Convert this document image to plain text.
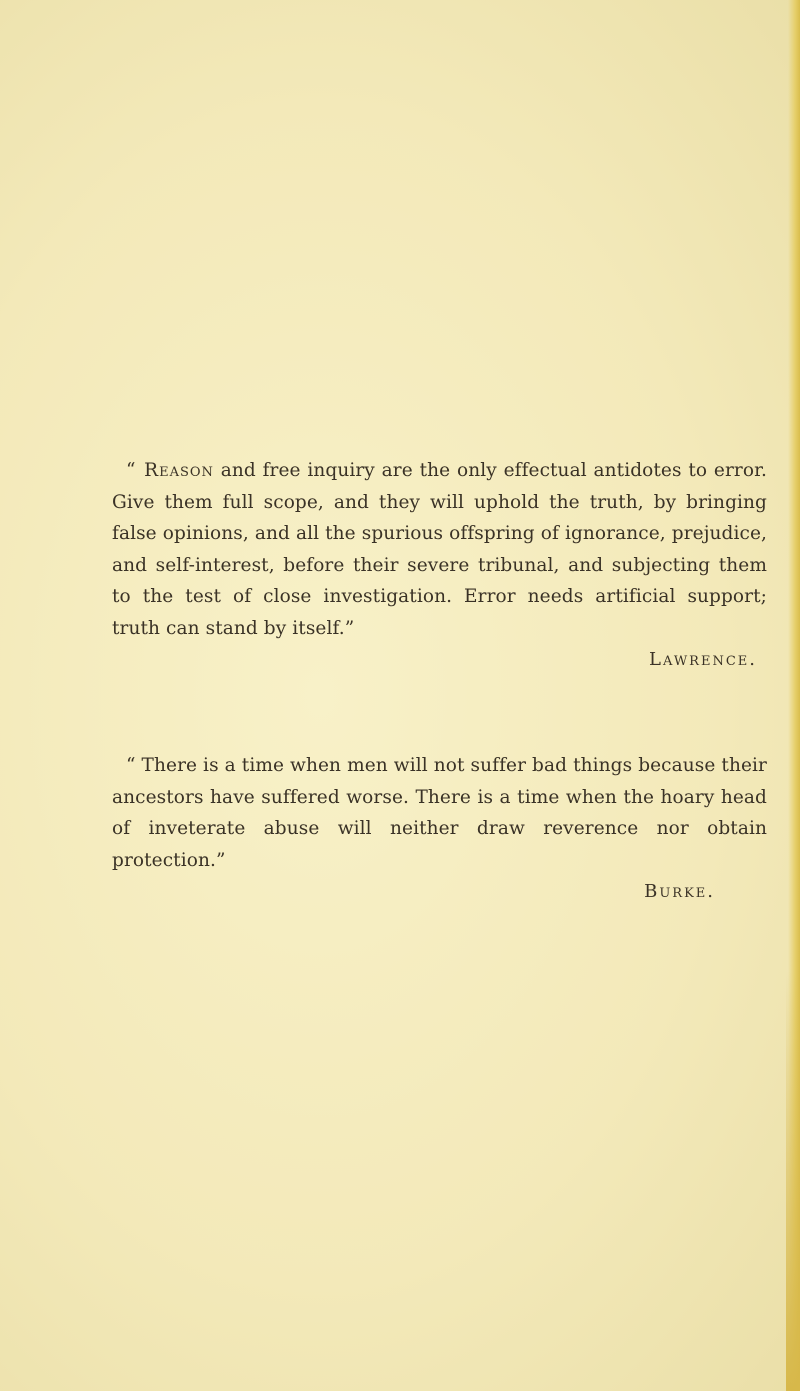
“ Reason and free inquiry are the only effectual antidotes to error. Give them full scope, and they will uphold the truth, by bringing false opinions, and all the spurious offspring of ignorance, prejudice, and self-interest, before their severe tribunal, and subjecting them to the test of close investigation. Error needs artificial support; truth can stand by itself.”

Lawrence.

“ There is a time when men will not suffer bad things because their ancestors have suffered worse. There is a time when the hoary head of inveterate abuse will neither draw reverence nor obtain protection.”

Burke.
